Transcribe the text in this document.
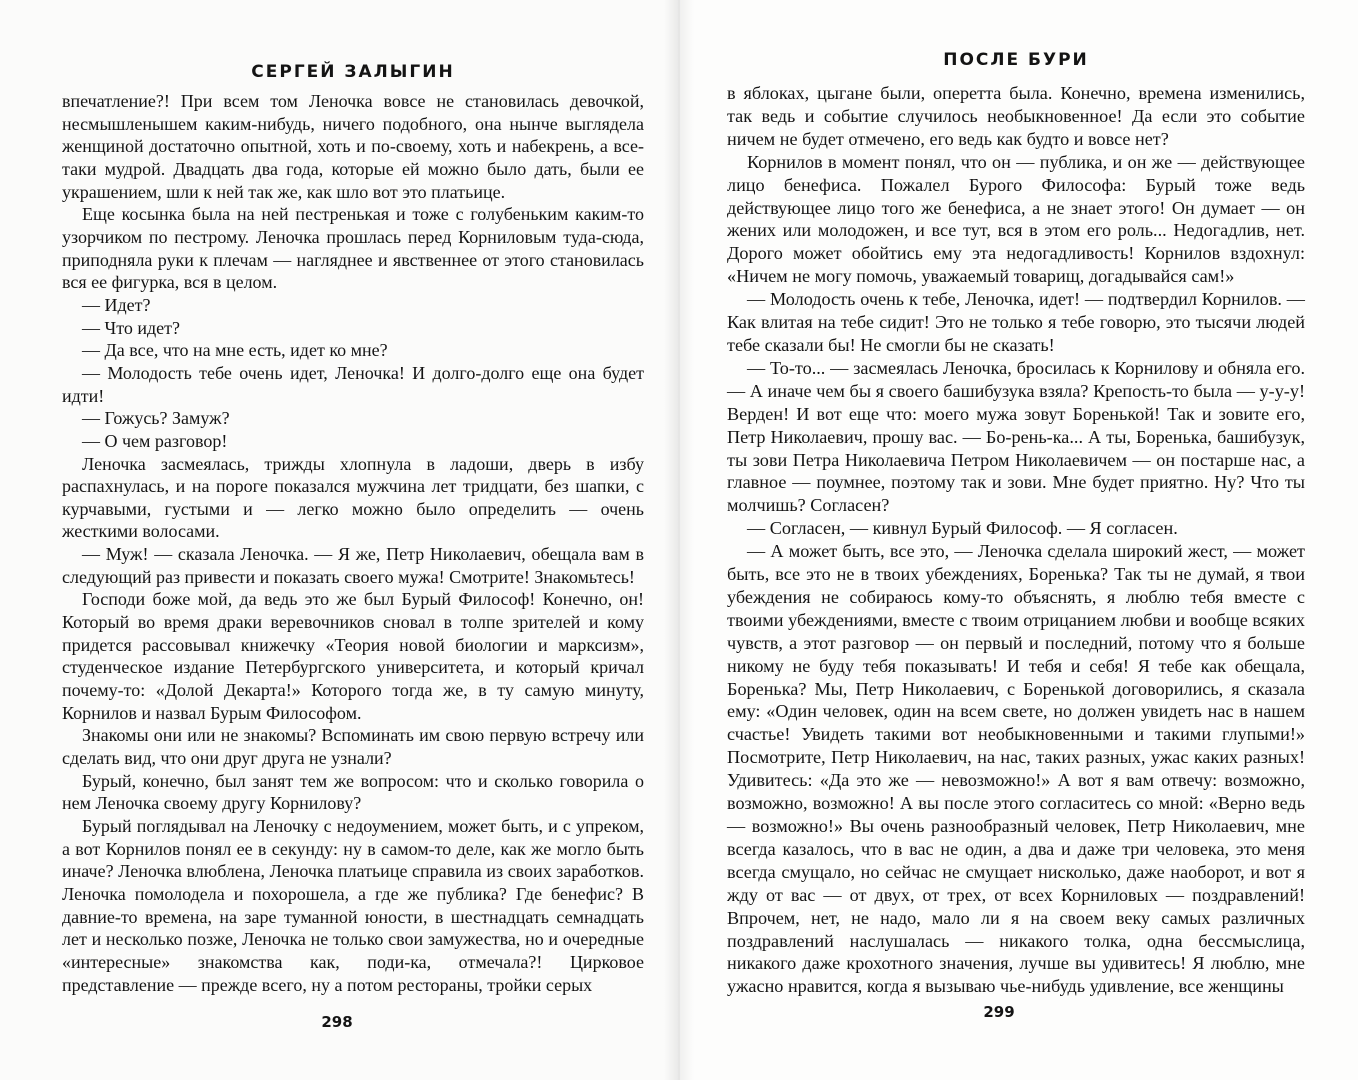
СЕРГЕЙ ЗАЛЫГИН

впечатление?! При всем том Леночка вовсе не становилась девочкой, несмышленышем каким-нибудь, ничего подобного, она нынче выглядела женщиной достаточно опытной, хоть и по-своему, хоть и набекрень, а все-таки мудрой. Двадцать два года, которые ей можно было дать, были ее украшением, шли к ней так же, как шло вот это платьице.

Еще косынка была на ней пестренькая и тоже с голубеньким каким-то узорчиком по пестрому. Леночка прошлась перед Корниловым туда-сюда, приподняла руки к плечам — нагляднее и явственнее от этого становилась вся ее фигурка, вся в целом.

— Идет?

— Что идет?

— Да все, что на мне есть, идет ко мне?

— Молодость тебе очень идет, Леночка! И долго-долго еще она будет идти!

— Гожусь? Замуж?

— О чем разговор!

Леночка засмеялась, трижды хлопнула в ладоши, дверь в избу распахнулась, и на пороге показался мужчина лет тридцати, без шапки, с курчавыми, густыми и — легко можно было определить — очень жесткими волосами.

— Муж! — сказала Леночка. — Я же, Петр Николаевич, обещала вам в следующий раз привести и показать своего мужа! Смотрите! Знакомьтесь!

Господи боже мой, да ведь это же был Бурый Философ! Конечно, он! Который во время драки веревочников сновал в толпе зрителей и кому придется рассовывал книжечку «Теория новой биологии и марксизм», студенческое издание Петербургского университета, и который кричал почему-то: «Долой Декарта!» Которого тогда же, в ту самую минуту, Корнилов и назвал Бурым Философом.

Знакомы они или не знакомы? Вспоминать им свою первую встречу или сделать вид, что они друг друга не узнали?

Бурый, конечно, был занят тем же вопросом: что и сколько говорила о нем Леночка своему другу Корнилову?

Бурый поглядывал на Леночку с недоумением, может быть, и с упреком, а вот Корнилов понял ее в секунду: ну в самом-то деле, как же могло быть иначе? Леночка влюблена, Леночка платьице справила из своих заработков. Леночка помолодела и похорошела, а где же публика? Где бенефис? В давние-то времена, на заре туманной юности, в шестнадцать семнадцать лет и несколько позже, Леночка не только свои замужества, но и очередные «интересные» знакомства как, поди-ка, отмечала?! Цирковое представление — прежде всего, ну а потом рестораны, тройки серых

298
ПОСЛЕ БУРИ

в яблоках, цыгане были, оперетта была. Конечно, времена изменились, так ведь и событие случилось необыкновенное! Да если это событие ничем не будет отмечено, его ведь как будто и вовсе нет?

Корнилов в момент понял, что он — публика, и он же — действующее лицо бенефиса. Пожалел Бурого Философа: Бурый тоже ведь действующее лицо того же бенефиса, а не знает этого! Он думает — он жених или молодожен, и все тут, вся в этом его роль... Недогадлив, нет. Дорого может обойтись ему эта недогадливость! Корнилов вздохнул: «Ничем не могу помочь, уважаемый товарищ, догадывайся сам!»

— Молодость очень к тебе, Леночка, идет! — подтвердил Корнилов. — Как влитая на тебе сидит! Это не только я тебе говорю, это тысячи людей тебе сказали бы! Не смогли бы не сказать!

— То-то... — засмеялась Леночка, бросилась к Корнилову и обняла его. — А иначе чем бы я своего башибузука взяла? Крепость-то была — у-у-у! Верден! И вот еще что: моего мужа зовут Боренькой! Так и зовите его, Петр Николаевич, прошу вас. — Бо-рень-ка... А ты, Боренька, башибузук, ты зови Петра Николаевича Петром Николаевичем — он постарше нас, а главное — поумнее, поэтому так и зови. Мне будет приятно. Ну? Что ты молчишь? Согласен?

— Согласен, — кивнул Бурый Философ. — Я согласен.

— А может быть, все это, — Леночка сделала широкий жест, — может быть, все это не в твоих убеждениях, Боренька? Так ты не думай, я твои убеждения не собираюсь кому-то объяснять, я люблю тебя вместе с твоими убеждениями, вместе с твоим отрицанием любви и вообще всяких чувств, а этот разговор — он первый и последний, потому что я больше никому не буду тебя показывать! И тебя и себя! Я тебе как обещала, Боренька? Мы, Петр Николаевич, с Боренькой договорились, я сказала ему: «Один человек, один на всем свете, но должен увидеть нас в нашем счастье! Увидеть такими вот необыкновенными и такими глупыми!» Посмотрите, Петр Николаевич, на нас, таких разных, ужас каких разных! Удивитесь: «Да это же — невозможно!» А вот я вам отвечу: возможно, возможно, возможно! А вы после этого согласитесь со мной: «Верно ведь — возможно!» Вы очень разнообразный человек, Петр Николаевич, мне всегда казалось, что в вас не один, а два и даже три человека, это меня всегда смущало, но сейчас не смущает нисколько, даже наоборот, и вот я жду от вас — от двух, от трех, от всех Корниловых — поздравлений! Впрочем, нет, не надо, мало ли я на своем веку самых различных поздравлений наслушалась — никакого толка, одна бессмыслица, никакого даже крохотного значения, лучше вы удивитесь! Я люблю, мне ужасно нравится, когда я вызываю чье-нибудь удивление, все женщины

299
